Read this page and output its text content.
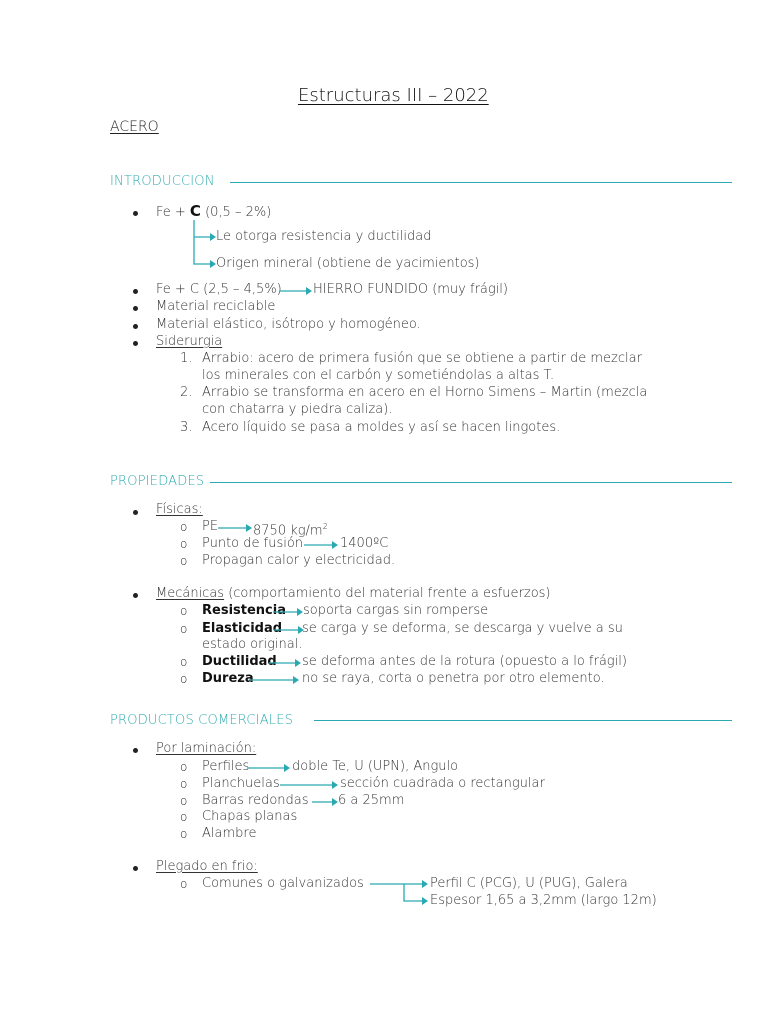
Estructuras III – 2022
ACERO
INTRODUCCION
Fe + C (0,5 – 2%)
Le otorga resistencia y ductilidad
Origen mineral (obtiene de yacimientos)
Fe + C (2,5 – 4,5%) HIERRO FUNDIDO (muy frágil)
Material reciclable
Material elástico, isótropo y homogéneo.
Siderurgia
1. Arrabio: acero de primera fusión que se obtiene a partir de mezclar
los minerales con el carbón y sometiéndolas a altas T.
2. Arrabio se transforma en acero en el Horno Simens – Martin (mezcla
con chatarra y piedra caliza).
3. Acero líquido se pasa a moldes y así se hacen lingotes.
PROPIEDADES
Físicas:
o PE	8750 $kg/m^2$
o Punto de fusión	1400ºC
o Propagan calor y electricidad.
Mecánicas (comportamiento del material frente a esfuerzos)
o Resistencia soporta cargas sin romperse
o Elasticidad se carga y se deforma, se descarga y vuelve a su
estado original.
o Ductilidad se deforma antes de la rotura (opuesto a lo frágil)
o Dureza	no se raya, corta o penetra por otro elemento.
PRODUCTOS COMERCIALES
Por laminación:
o Perfiles	doble Te, U (UPN), Angulo
o Planchuelas	sección cuadrada o rectangular
o Barras redondas 6 a 25mm
o Chapas planas
o Alambre
Plegado en frio:
o Comunes o galvanizados	Perfil C (PCG), U (PUG), Galera
Espesor 1,65 a 3,2mm (largo 12m)
